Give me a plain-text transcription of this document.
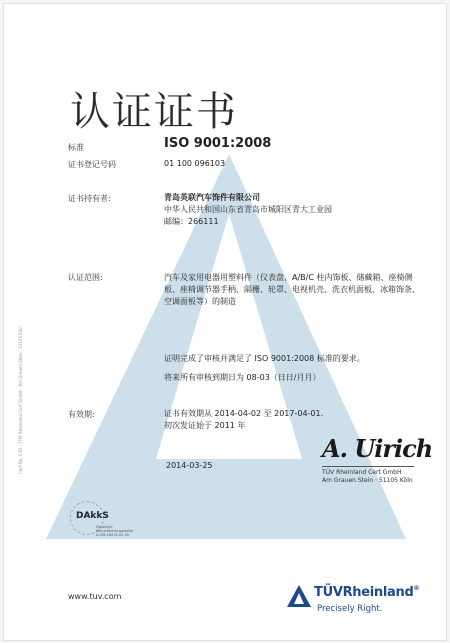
认证证书
标准	ISO 9001:2008
证书登记号码	01 100 096103
证书持有者:	青岛英联汽车饰件有限公司
中华人民共和国山东省青岛市城阳区青大工业园
邮编：266111
认证范围:	汽车及家用电器用塑料件（仪表盘、A/B/C 柱内饰板、储藏箱、座椅侧板、座椅调节器手柄、隔栅、轮罩、电视机壳、洗衣机面板、冰箱饰条、空调面板等）的制造
证明完成了审核并满足了 ISO 9001:2008 标准的要求。
将来所有审核到期日为 08-03（日日/月月）
有效期:	证书有效期从 2014-04-02 至 2017-04-01.
初次发证始于 2011 年
2014-03-25
A. Uirich
TÜV Rheinland Cert GmbH
Am Grauen Stein · 51105 Köln
Cert No. 1-01 · TÜV Rheinland Cert GmbH · Am Grauen Stein · 51105 Köln
DAkkS
Deutsche
Akkreditierungsstelle
D-ZM-16031-04-00
www.tuv.com	TÜVRheinland®
Precisely Right.
